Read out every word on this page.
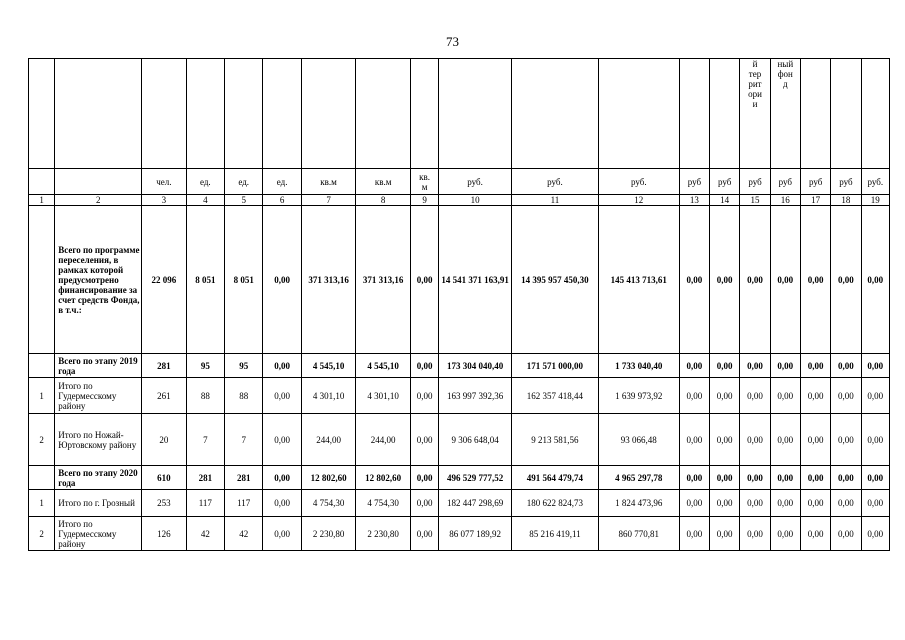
73
														й
тер
рит
ори
и	ный
фон
д			
		чел.	ед.	ед.	ед.	кв.м	кв.м	кв.
м	руб.	руб.	руб.	руб	руб	руб	руб	руб	руб	руб.
1	2	3	4	5	6	7	8	9	10	11	12	13	14	15	16	17	18	19
	Всего по программе переселения, в рамках которой предусмотрено финансирование за счет средств Фонда, в т.ч.:	22 096	8 051	8 051	0,00	371 313,16	371 313,16	0,00	14 541 371 163,91	14 395 957 450,30	145 413 713,61	0,00	0,00	0,00	0,00	0,00	0,00	0,00
	Всего по этапу 2019 года	281	95	95	0,00	4 545,10	4 545,10	0,00	173 304 040,40	171 571 000,00	1 733 040,40	0,00	0,00	0,00	0,00	0,00	0,00	0,00
1	Итого по Гудермесскому району	261	88	88	0,00	4 301,10	4 301,10	0,00	163 997 392,36	162 357 418,44	1 639 973,92	0,00	0,00	0,00	0,00	0,00	0,00	0,00
2	Итого по Ножай-Юртовскому району	20	7	7	0,00	244,00	244,00	0,00	9 306 648,04	9 213 581,56	93 066,48	0,00	0,00	0,00	0,00	0,00	0,00	0,00
	Всего по этапу 2020 года	610	281	281	0,00	12 802,60	12 802,60	0,00	496 529 777,52	491 564 479,74	4 965 297,78	0,00	0,00	0,00	0,00	0,00	0,00	0,00
1	Итого по г. Грозный	253	117	117	0,00	4 754,30	4 754,30	0,00	182 447 298,69	180 622 824,73	1 824 473,96	0,00	0,00	0,00	0,00	0,00	0,00	0,00
2	Итого по Гудермесскому району	126	42	42	0,00	2 230,80	2 230,80	0,00	86 077 189,92	85 216 419,11	860 770,81	0,00	0,00	0,00	0,00	0,00	0,00	0,00
